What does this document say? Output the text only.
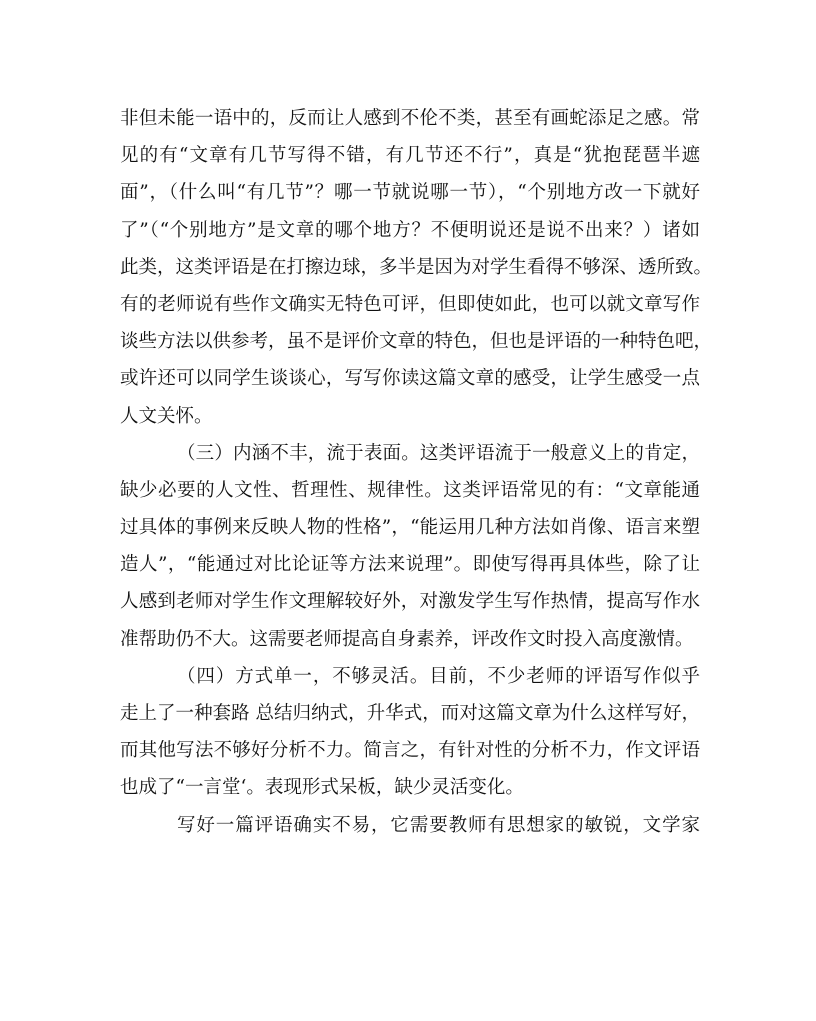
非但未能一语中的，反而让人感到不伦不类，甚至有画蛇添足之感。常
见的有“文章有几节写得不错，有几节还不行”，真是“犹抱琵琶半遮
面”，（什么叫“有几节”？哪一节就说哪一节），“个别地方改一下就好
了”（“个别地方”是文章的哪个地方？不便明说还是说不出来？）诸如
此类，这类评语是在打擦边球，多半是因为对学生看得不够深、透所致。
有的老师说有些作文确实无特色可评，但即使如此，也可以就文章写作
谈些方法以供参考，虽不是评价文章的特色，但也是评语的一种特色吧，
或许还可以同学生谈谈心，写写你读这篇文章的感受，让学生感受一点
人文关怀。
（三）内涵不丰，流于表面。这类评语流于一般意义上的肯定，
缺少必要的人文性、哲理性、规律性。这类评语常见的有：“文章能通
过具体的事例来反映人物的性格”，“能运用几种方法如肖像、语言来塑
造人”，“能通过对比论证等方法来说理”。即使写得再具体些，除了让
人感到老师对学生作文理解较好外，对激发学生写作热情，提高写作水
准帮助仍不大。这需要老师提高自身素养，评改作文时投入高度激情。
（四）方式单一，不够灵活。目前，不少老师的评语写作似乎
走上了一种套路 总结归纳式，升华式，而对这篇文章为什么这样写好，
而其他写法不够好分析不力。简言之，有针对性的分析不力，作文评语
也成了“一言堂‘。表现形式呆板，缺少灵活变化。
写好一篇评语确实不易，它需要教师有思想家的敏锐，文学家
